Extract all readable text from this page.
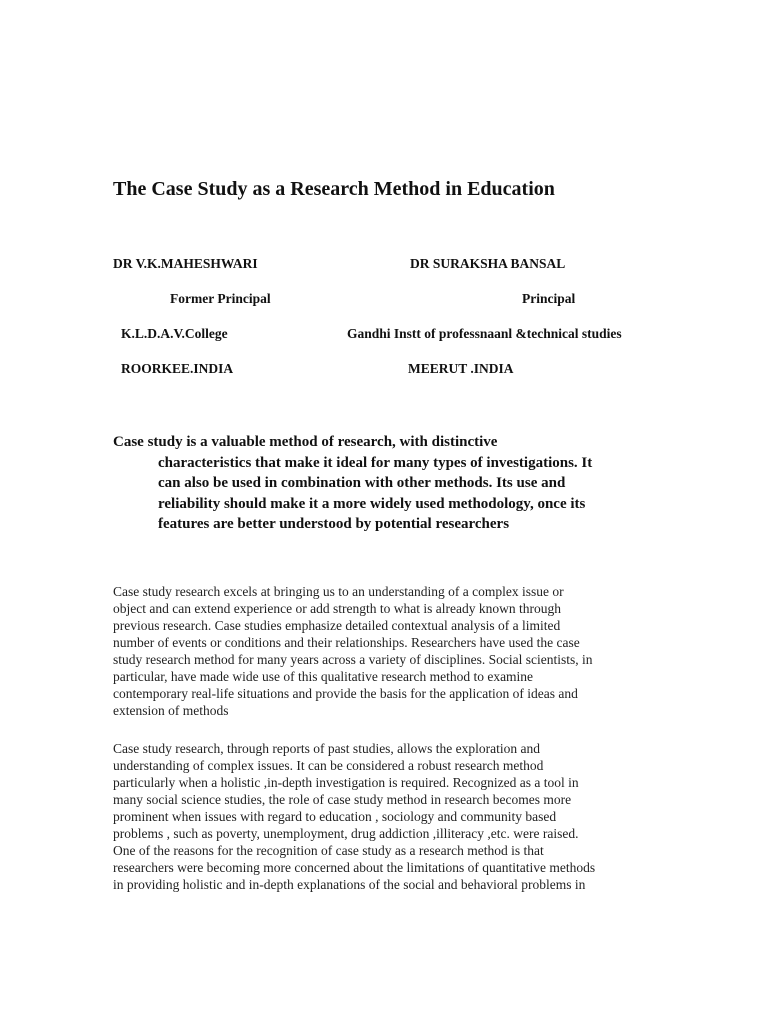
The Case Study as a Research Method in Education
DR V.K.MAHESHWARI
Former Principal
K.L.D.A.V.College
ROORKEE.INDIA
DR SURAKSHA BANSAL
Principal
Gandhi Instt of professnaanl &technical studies
MEERUT .INDIA
Case study is a valuable method of research, with distinctive
characteristics that make it ideal for many types of investigations. It
can also be used in combination with other methods. Its use and
reliability should make it a more widely used methodology, once its
features are better understood by potential researchers
Case study research excels at bringing us to an understanding of a complex issue or
object and can extend experience or add strength to what is already known through
previous research. Case studies emphasize detailed contextual analysis of a limited
number of events or conditions and their relationships. Researchers have used the case
study research method for many years across a variety of disciplines. Social scientists, in
particular, have made wide use of this qualitative research method to examine
contemporary real-life situations and provide the basis for the application of ideas and
extension of methods
Case study research, through reports of past studies, allows the exploration and
understanding of complex issues. It can be considered a robust research method
particularly when a holistic ,in-depth investigation is required. Recognized as a tool in
many social science studies, the role of case study method in research becomes more
prominent when issues with regard to education , sociology and community based
problems , such as poverty, unemployment, drug addiction ,illiteracy ,etc. were raised.
One of the reasons for the recognition of case study as a research method is that
researchers were becoming more concerned about the limitations of quantitative methods
in providing holistic and in-depth explanations of the social and behavioral problems in
